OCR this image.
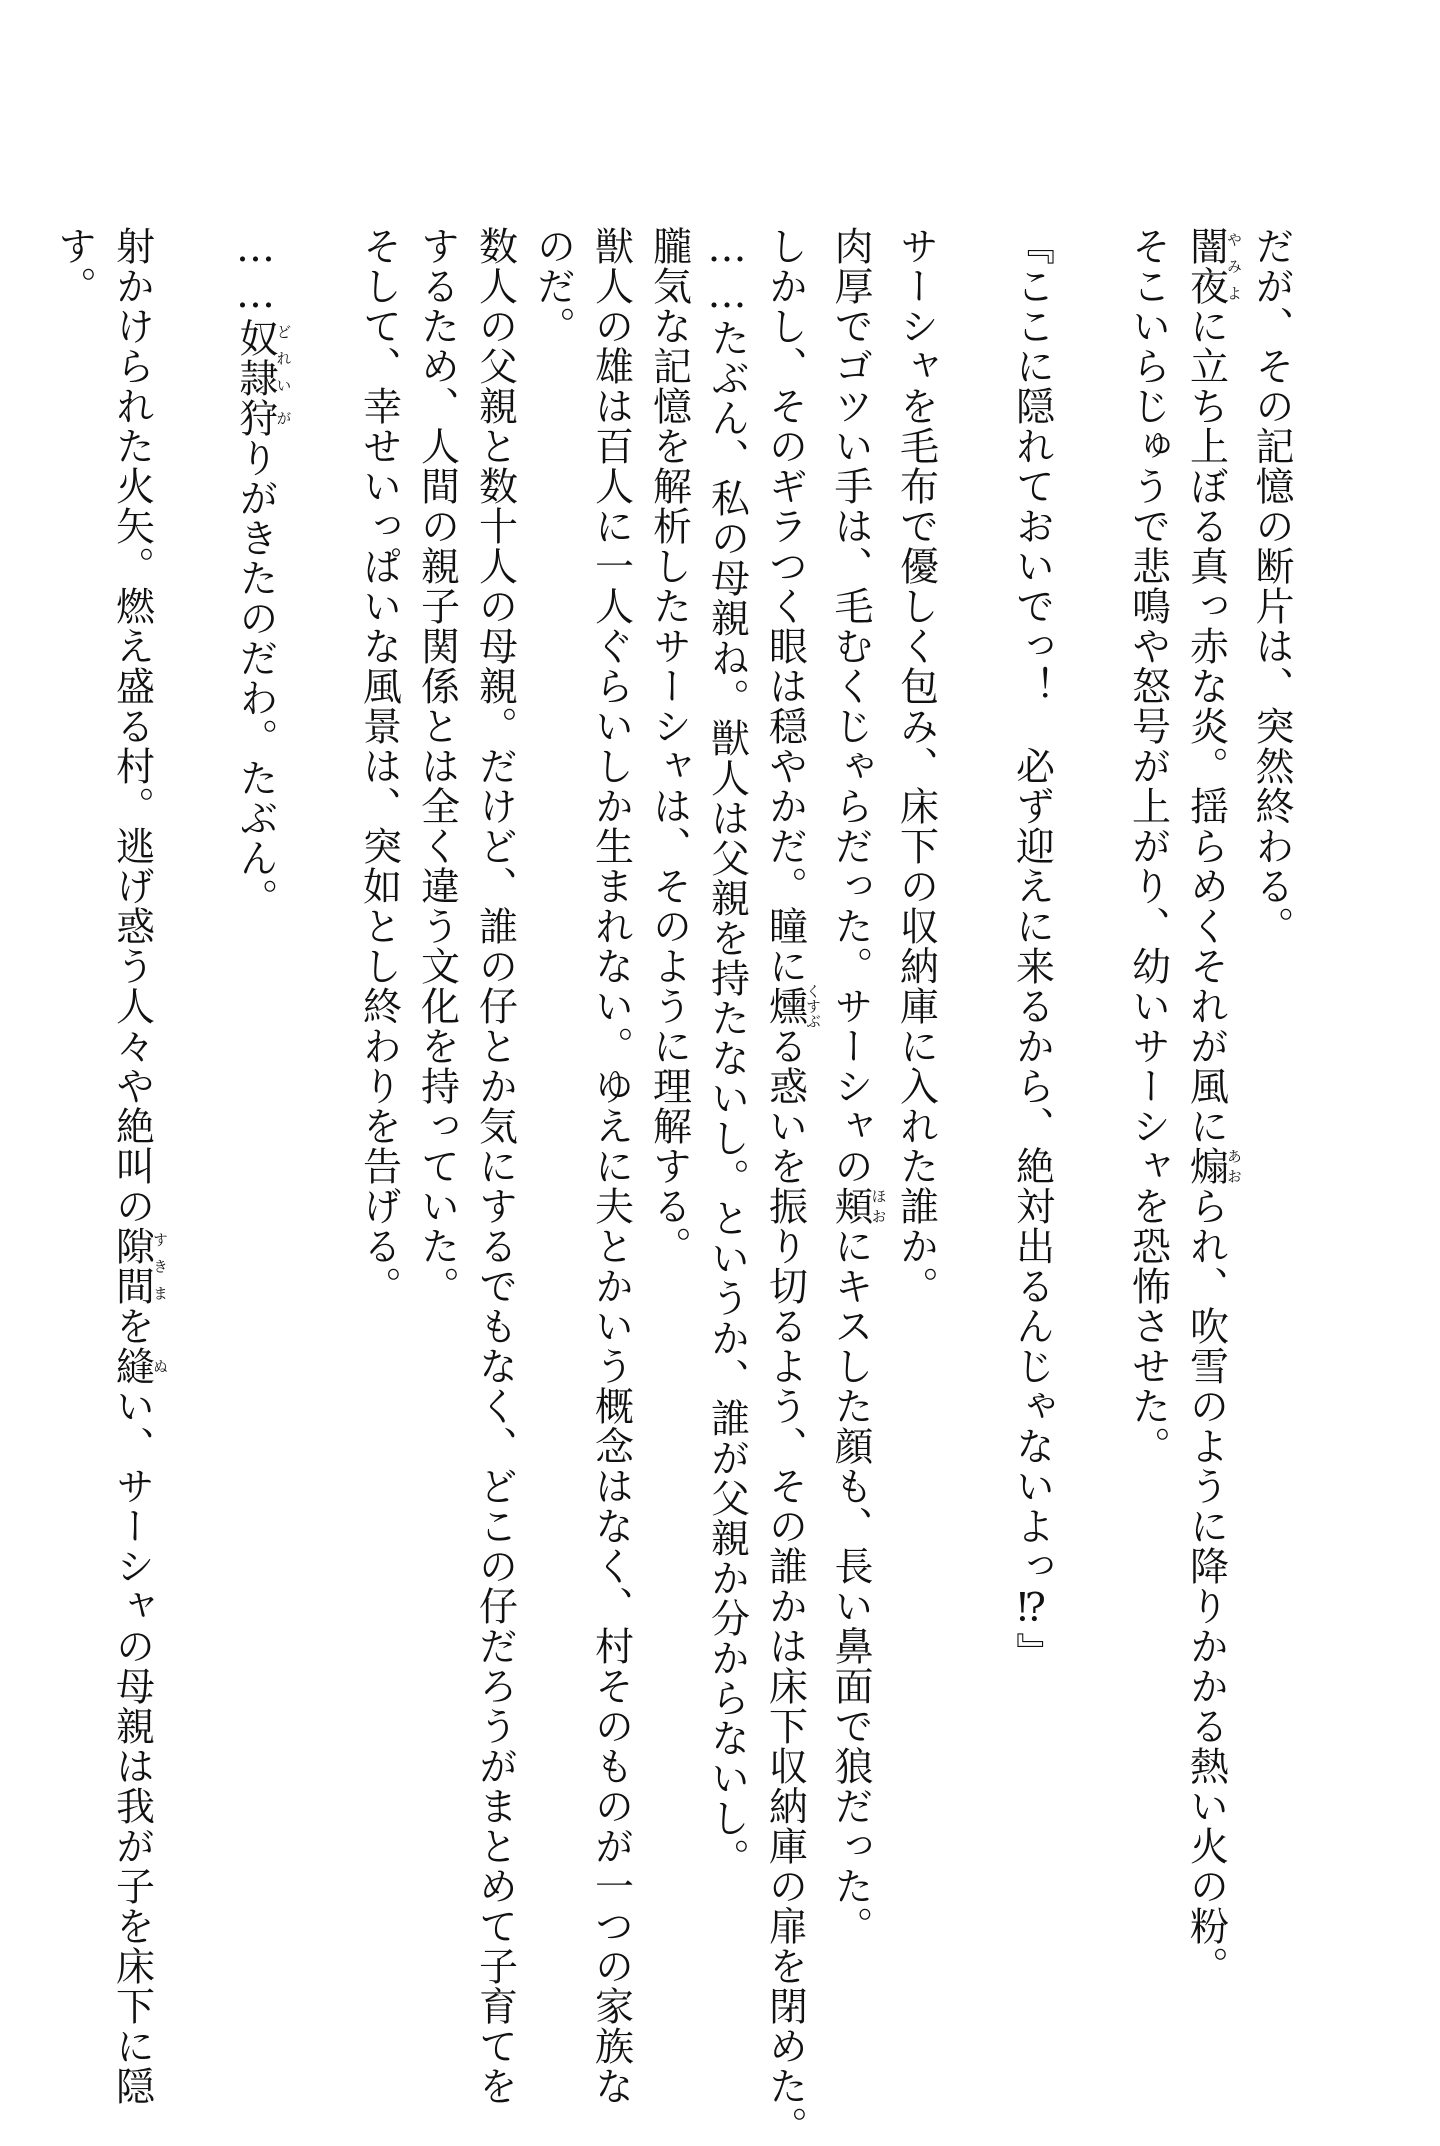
だが、その記憶の断片は、突然終わる。

闇夜やみよに立ち上ぼる真っ赤な炎。揺らめくそれが風に煽あおられ、吹雪のように降りかかる熱い火の粉。

そこいらじゅうで悲鳴や怒号が上がり、幼いサーシャを恐怖させた。

『ここに隠れておいでっ！　必ず迎えに来るから、絶対出るんじゃないよっ⁉』

サーシャを毛布で優しく包み、床下の収納庫に入れた誰か。

肉厚でゴツい手は、毛むくじゃらだった。サーシャの頬ほおにキスした顔も、長い鼻面で狼だった。

しかし、そのギラつく眼は穏やかだ。瞳に燻くすぶる惑いを振り切るよう、その誰かは床下収納庫の扉を閉めた。

……たぶん、私の母親ね。獣人は父親を持たないし。というか、誰が父親か分からないし。

朧気な記憶を解析したサーシャは、そのように理解する。

獣人の雄は百人に一人ぐらいしか生まれない。ゆえに夫とかいう概念はなく、村そのものが一つの家族な

のだ。

数人の父親と数十人の母親。だけど、誰の仔とか気にするでもなく、どこの仔だろうがまとめて子育てを

するため、人間の親子関係とは全く違う文化を持っていた。

そして、幸せいっぱいな風景は、突如とし終わりを告げる。

……奴隷どれい狩がりがきたのだわ。たぶん。

射かけられた火矢。燃え盛る村。逃げ惑う人々や絶叫の隙間すきまを縫ぬい、サーシャの母親は我が子を床下に隠

す。
